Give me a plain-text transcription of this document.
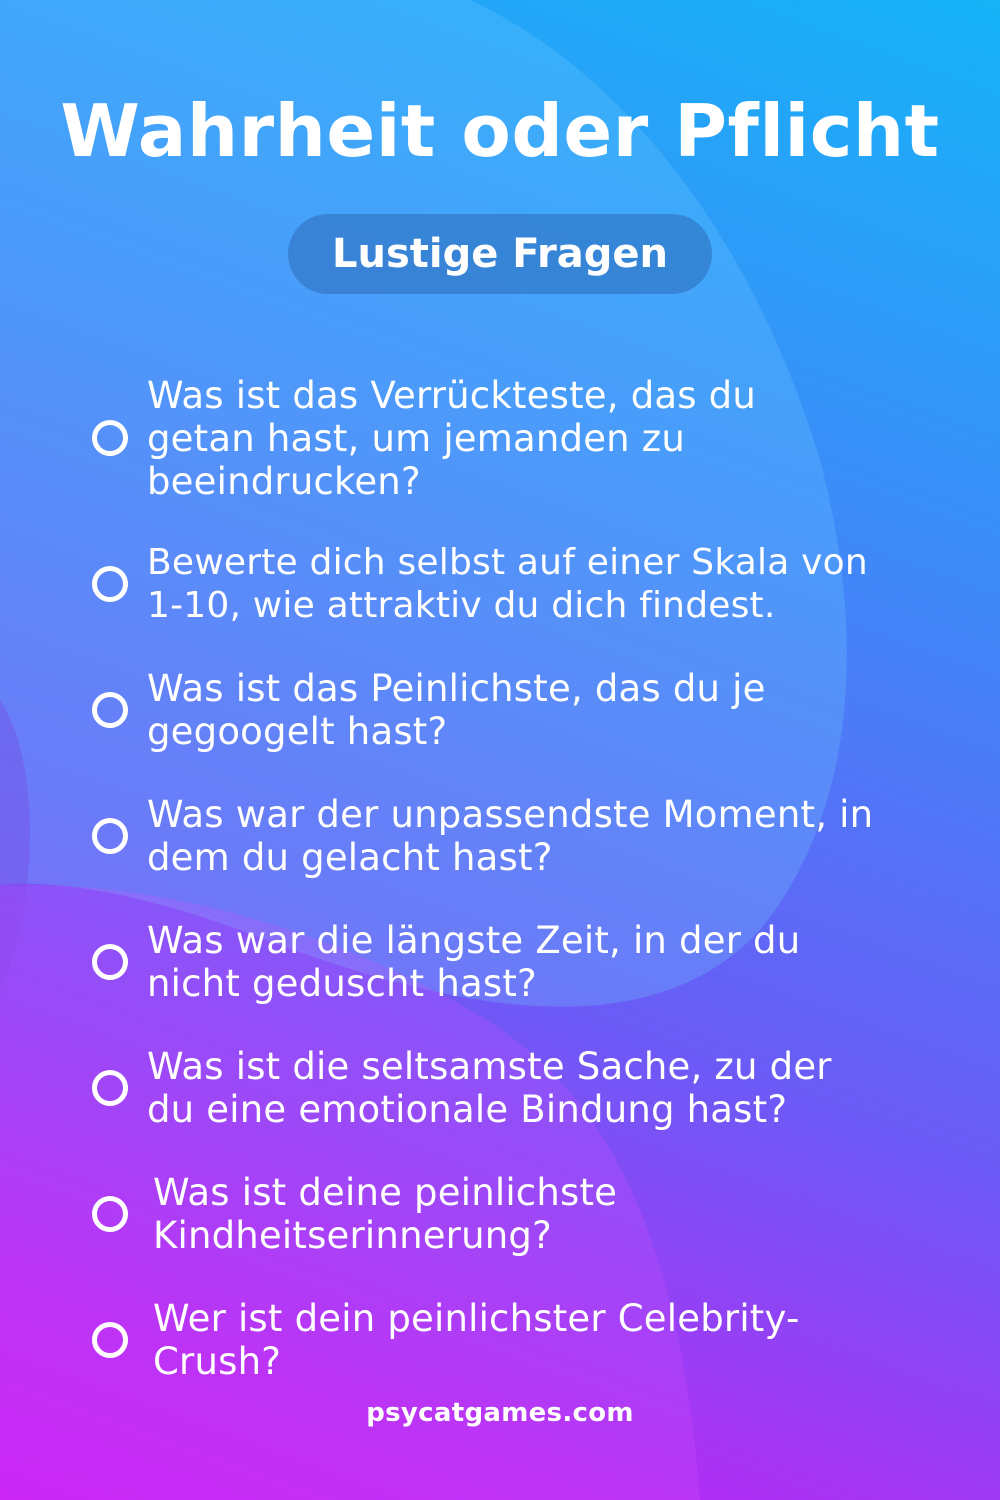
Wahrheit oder Pflicht
Lustige Fragen
Was ist das Verrückteste, das du getan hast, um jemanden zu beeindrucken?
Bewerte dich selbst auf einer Skala von 1-10, wie attraktiv du dich findest.
Was ist das Peinlichste, das du je gegoogelt hast?
Was war der unpassendste Moment, in dem du gelacht hast?
Was war die längste Zeit, in der du nicht geduscht hast?
Was ist die seltsamste Sache, zu der du eine emotionale Bindung hast?
Was ist deine peinlichste Kindheitserinnerung?
Wer ist dein peinlichster Celebrity-Crush?
psycatgames.com
